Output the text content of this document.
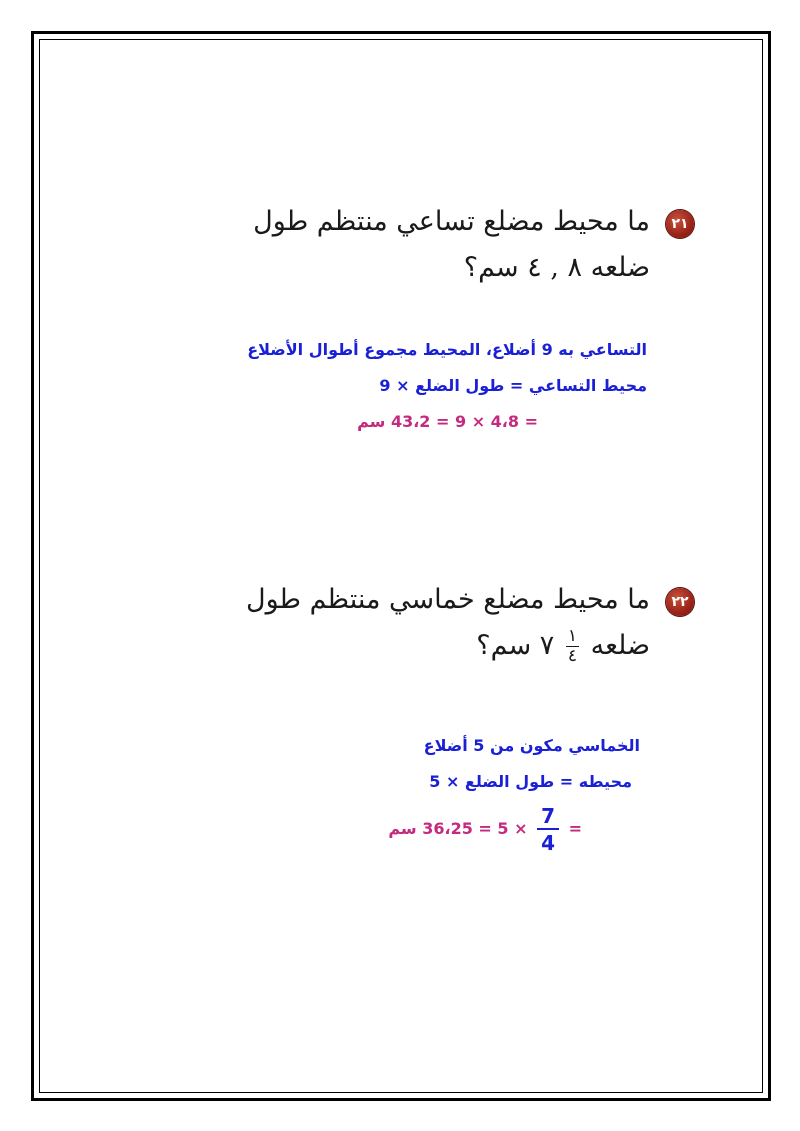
٢١
ما محيط مضلع تساعي منتظم طول
ضلعه ٨ , ٤ سم؟
التساعي به 9 أضلاع، المحيط مجموع أطوال الأضلاع
محيط التساعي = طول الضلع × 9
= 4،8 × 9 = 43،2 سم
٢٢
ما محيط مضلع خماسي منتظم طول
ضلعه
$\frac{١}{٤}$
٧ سم؟
الخماسي مكون من 5 أضلاع
محيطه = طول الضلع × 5
=
$\frac{7}{4}$
× 5 = 36،25 سم
